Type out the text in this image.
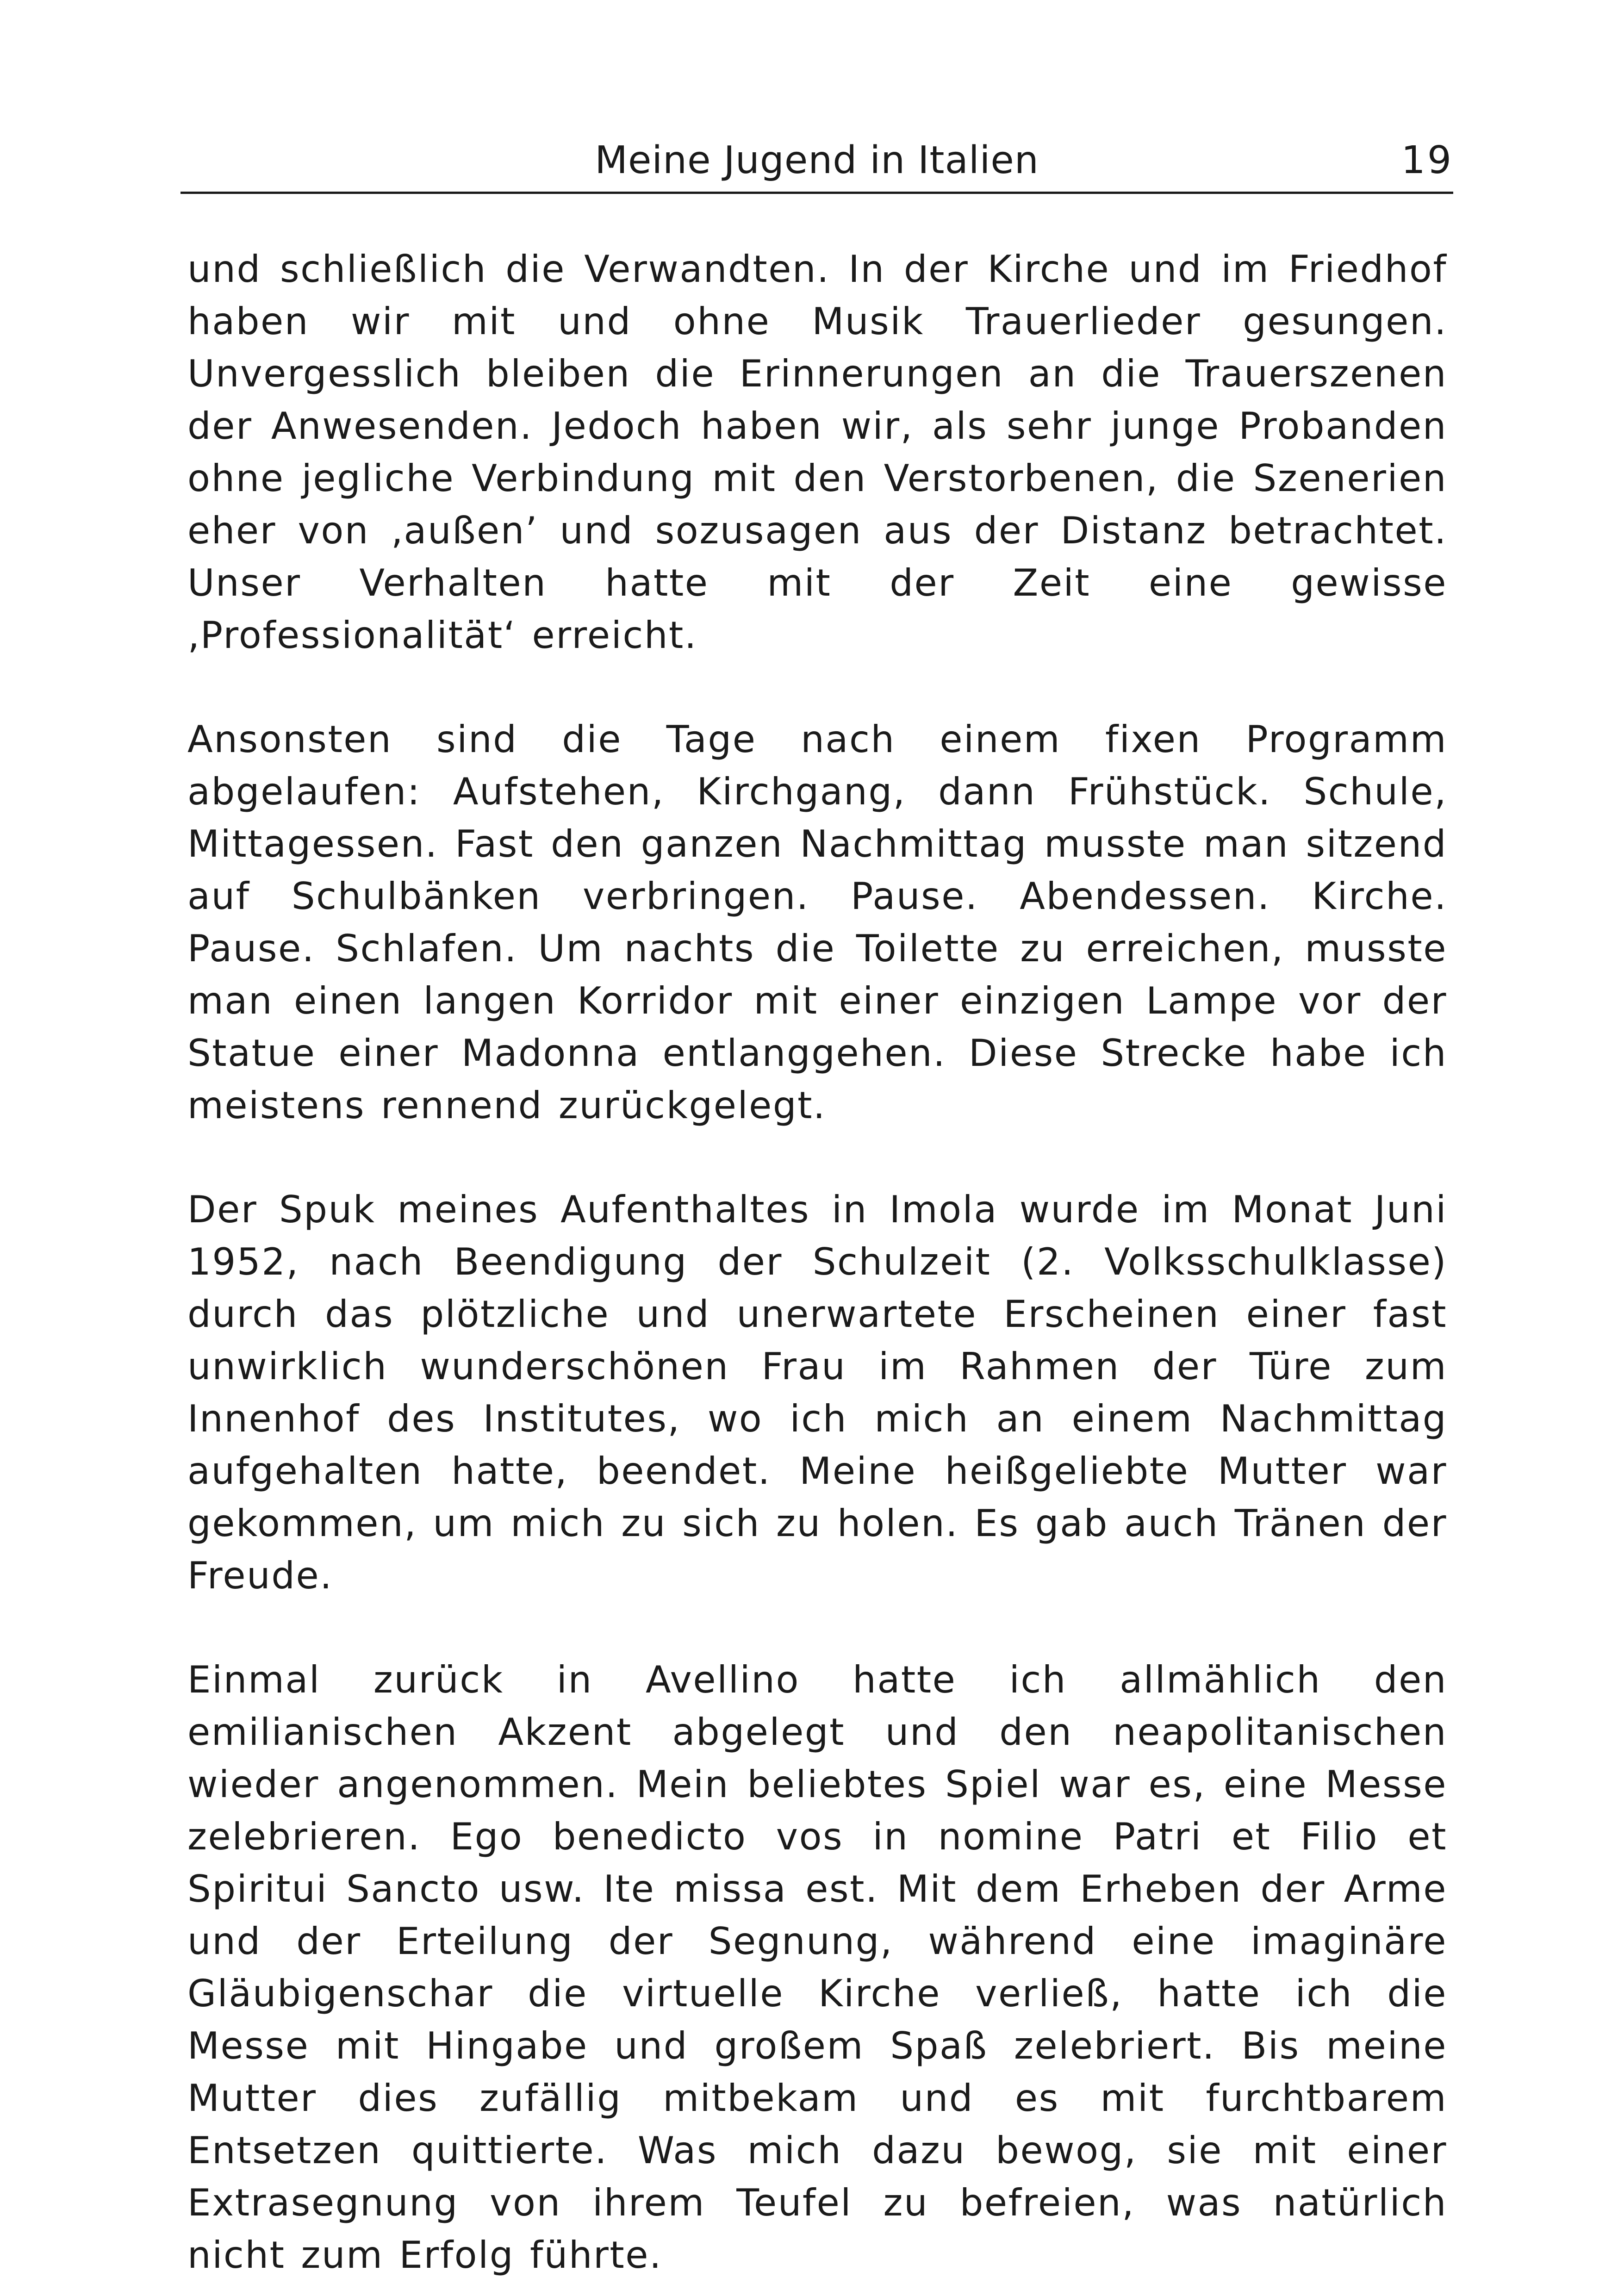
Meine Jugend in Italien	19

und schließlich die Verwandten. In der Kirche und im Friedhof haben wir mit und ohne Musik Trauerlieder gesungen. Unvergesslich bleiben die Erinnerungen an die Trauerszenen der Anwesenden. Jedoch haben wir, als sehr junge Probanden ohne jegliche Verbindung mit den Verstorbenen, die Szenerien eher von ‚außen’ und sozusagen aus der Distanz betrachtet. Unser Verhalten hatte mit der Zeit eine gewisse ‚Professionalität‘ erreicht.

Ansonsten sind die Tage nach einem fixen Programm abgelaufen: Aufstehen, Kirchgang, dann Frühstück. Schule, Mittagessen. Fast den ganzen Nachmittag musste man sitzend auf Schulbänken verbringen. Pause. Abendessen. Kirche. Pause. Schlafen. Um nachts die Toilette zu erreichen, musste man einen langen Korridor mit einer einzigen Lampe vor der Statue einer Madonna entlanggehen. Diese Strecke habe ich meistens rennend zurückgelegt.

Der Spuk meines Aufenthaltes in Imola wurde im Monat Juni 1952, nach Beendigung der Schulzeit (2. Volksschulklasse) durch das plötzliche und unerwartete Erscheinen einer fast unwirklich wunderschönen Frau im Rahmen der Türe zum Innenhof des Institutes, wo ich mich an einem Nachmittag aufgehalten hatte, beendet. Meine heißgeliebte Mutter war gekommen, um mich zu sich zu holen. Es gab auch Tränen der Freude.

Einmal zurück in Avellino hatte ich allmählich den emilianischen Akzent abgelegt und den neapolitanischen wieder angenommen. Mein beliebtes Spiel war es, eine Messe zelebrieren. Ego benedicto vos in nomine Patri et Filio et Spiritui Sancto usw. Ite missa est. Mit dem Erheben der Arme und der Erteilung der Segnung, während eine imaginäre Gläubigenschar die virtuelle Kirche verließ, hatte ich die Messe mit Hingabe und großem Spaß zelebriert. Bis meine Mutter dies zufällig mitbekam und es mit furchtbarem Entsetzen quittierte. Was mich dazu bewog, sie mit einer Extrasegnung von ihrem Teufel zu befreien, was natürlich nicht zum Erfolg führte.
